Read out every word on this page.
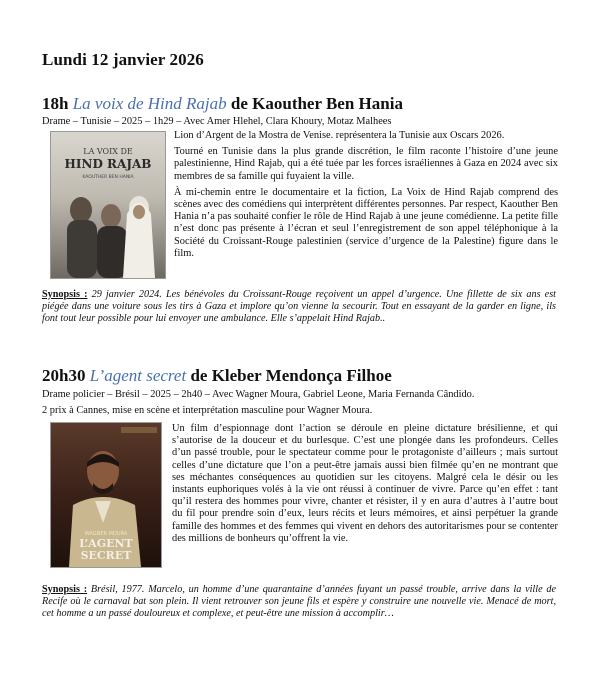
Lundi 12 janvier 2026
18h La voix de Hind Rajab de Kaouther Ben Hania
Drame – Tunisie – 2025 – 1h29 – Avec Amer Hlehel, Clara Khoury, Motaz Malhees
LA VOIX DE
HIND RAJAB
KAOUTHER BEN HANIA

Lion d’Argent de la Mostra de Venise. représentera la Tunisie aux Oscars 2026.

Tourné en Tunisie dans la plus grande discrétion, le film raconte l’histoire d’une jeune palestinienne, Hind Rajab, qui a été tuée par les forces israéliennes à Gaza en 2024 avec six membres de sa famille qui fuyaient la ville.

À mi-chemin entre le documentaire et la fiction, La Voix de Hind Rajab comprend des scènes avec des comédiens qui interprètent différentes personnes. Par respect, Kaouther Ben Hania n’a pas souhaité confier le rôle de Hind Rajab à une jeune comédienne. La petite fille n’est donc pas présente à l’écran et seul l’enregistrement de son appel téléphonique à la Société du Croissant-Rouge palestinien (service d’urgence de la Palestine) figure dans le film.

Synopsis : 29 janvier 2024. Les bénévoles du Croissant-Rouge reçoivent un appel d’urgence. Une fillette de six ans est piégée dans une voiture sous les tirs à Gaza et implore qu’on vienne la secourir. Tout en essayant de la garder en ligne, ils font tout leur possible pour lui envoyer une ambulance. Elle s’appelait Hind Rajab..
20h30 L’agent secret de Kleber Mendonça Filhoe
Drame policier – Brésil – 2025 – 2h40 – Avec Wagner Moura, Gabriel Leone, Maria Fernanda Cândido.
2 prix à Cannes, mise en scène et interprétation masculine pour Wagner Moura.
WAGNER MOURA
L’AGENT
SECRET

Un film d’espionnage dont l’action se déroule en pleine dictature brésilienne, et qui s’autorise de la douceur et du burlesque. C’est une plongée dans les profondeurs. Celles d’un passé trouble, pour le spectateur comme pour le protagoniste d’ailleurs ; mais surtout celles d’une dictature que l’on a peut-être jamais aussi bien filmée qu’en ne montrant que ses méchantes conséquences au quotidien sur les citoyens. Malgré cela le désir ou les instants euphoriques volés à la vie ont réussi à continuer de vivre. Parce qu’en effet : tant qu’il restera des hommes pour vivre, chanter et résister, il y en aura d’autres à l’autre bout du fil pour prendre soin d’eux, leurs récits et leurs mémoires, et ainsi perpétuer la grande famille des hommes et des femmes qui vivent en dehors des autoritarismes pour se contenter des millions de bonheurs qu’offrent la vie.

Synopsis : Brésil, 1977. Marcelo, un homme d’une quarantaine d’années fuyant un passé trouble, arrive dans la ville de Recife où le carnaval bat son plein. Il vient retrouver son jeune fils et espère y construire une nouvelle vie. Menacé de mort, cet homme a un passé douloureux et complexe, et peut-être une mission à accomplir…
